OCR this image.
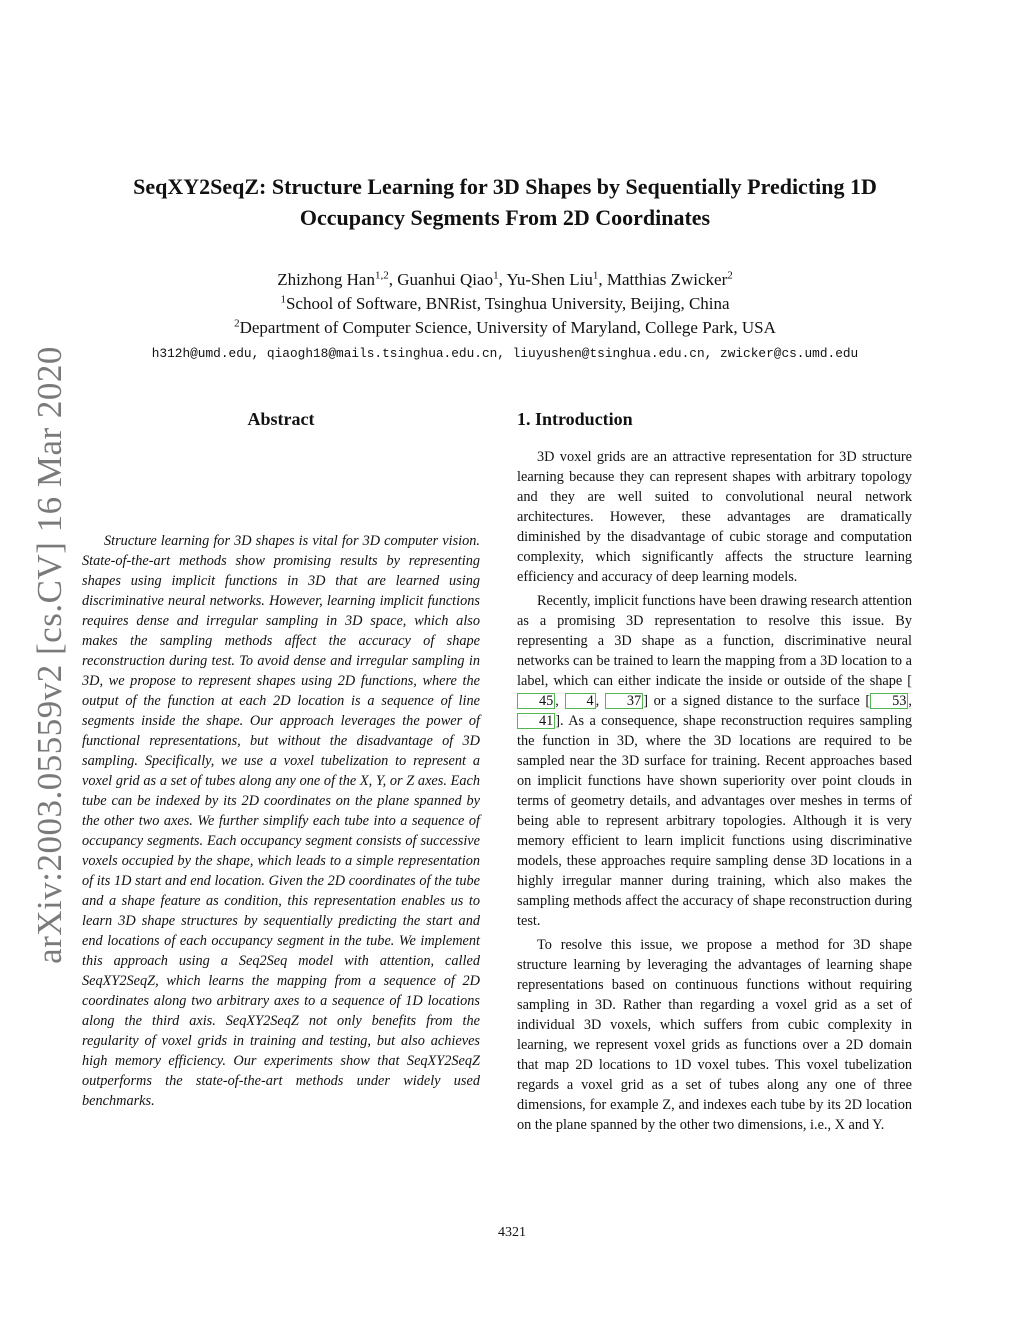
arXiv:2003.05559v2 [cs.CV] 16 Mar 2020
SeqXY2SeqZ: Structure Learning for 3D Shapes by Sequentially Predicting 1D
Occupancy Segments From 2D Coordinates
Zhizhong Han$^{1,2}$, Guanhui Qiao$^1$, Yu-Shen Liu$^1$, Matthias Zwicker$^2$
$^1$School of Software, BNRist, Tsinghua University, Beijing, China
$^2$Department of Computer Science, University of Maryland, College Park, USA
h312h@umd.edu, qiaogh18@mails.tsinghua.edu.cn, liuyushen@tsinghua.edu.cn, zwicker@cs.umd.edu
Abstract

Structure learning for 3D shapes is vital for 3D computer vision. State-of-the-art methods show promising results by representing shapes using implicit functions in 3D that are learned using discriminative neural networks. However, learning implicit functions requires dense and irregular sampling in 3D space, which also makes the sampling methods affect the accuracy of shape reconstruction during test. To avoid dense and irregular sampling in 3D, we propose to represent shapes using 2D functions, where the output of the function at each 2D location is a sequence of line segments inside the shape. Our approach leverages the power of functional representations, but without the disadvantage of 3D sampling. Specifically, we use a voxel tubelization to represent a voxel grid as a set of tubes along any one of the X, Y, or Z axes. Each tube can be indexed by its 2D coordinates on the plane spanned by the other two axes. We further simplify each tube into a sequence of occupancy segments. Each occupancy segment consists of successive voxels occupied by the shape, which leads to a simple representation of its 1D start and end location. Given the 2D coordinates of the tube and a shape feature as condition, this representation enables us to learn 3D shape structures by sequentially predicting the start and end locations of each occupancy segment in the tube. We implement this approach using a Seq2Seq model with attention, called SeqXY2SeqZ, which learns the mapping from a sequence of 2D coordinates along two arbitrary axes to a sequence of 1D locations along the third axis. SeqXY2SeqZ not only benefits from the regularity of voxel grids in training and testing, but also achieves high memory efficiency. Our experiments show that SeqXY2SeqZ outperforms the state-of-the-art methods under widely used benchmarks.

1. Introduction

3D voxel grids are an attractive representation for 3D structure learning because they can represent shapes with arbitrary topology and they are well suited to convolutional neural network architectures. However, these advantages are dramatically diminished by the disadvantage of cubic storage and computation complexity, which significantly affects the structure learning efficiency and accuracy of deep learning models.

Recently, implicit functions have been drawing research attention as a promising 3D representation to resolve this issue. By representing a 3D shape as a function, discriminative neural networks can be trained to learn the mapping from a 3D location to a label, which can either indicate the inside or outside of the shape [45 , 4 , 37 ] or a signed distance to the surface [ 53 , 41 ]. As a consequence, shape reconstruction requires sampling the function in 3D, where the 3D locations are required to be sampled near the 3D surface for training. Recent approaches based on implicit functions have shown superiority over point clouds in terms of geometry details, and advantages over meshes in terms of being able to represent arbitrary topologies. Although it is very memory efficient to learn implicit functions using discriminative models, these approaches require sampling dense 3D locations in a highly irregular manner during training, which also makes the sampling methods affect the accuracy of shape reconstruction during test.

To resolve this issue, we propose a method for 3D shape structure learning by leveraging the advantages of learning shape representations based on continuous functions without requiring sampling in 3D. Rather than regarding a voxel grid as a set of individual 3D voxels, which suffers from cubic complexity in learning, we represent voxel grids as functions over a 2D domain that map 2D locations to 1D voxel tubes. This voxel tubelization regards a voxel grid as a set of tubes along any one of three dimensions, for example Z, and indexes each tube by its 2D location on the plane spanned by the other two dimensions, i.e., X and Y.

4321
